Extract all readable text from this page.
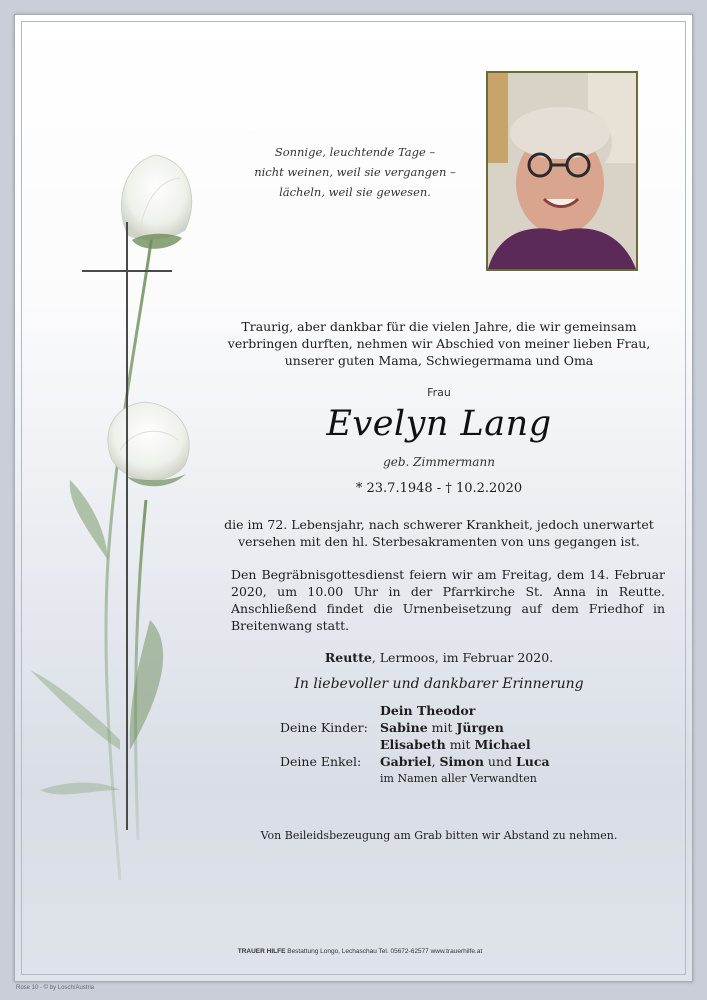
Sonnige, leuchtende Tage –
nicht weinen, weil sie vergangen –
lächeln, weil sie gewesen.
Traurig, aber dankbar für die vielen Jahre, die wir gemeinsam verbringen durften, nehmen wir Abschied von meiner lieben Frau, unserer guten Mama, Schwiegermama und Oma
Frau
Evelyn Lang
geb. Zimmermann
* 23.7.1948 - † 10.2.2020
die im 72. Lebensjahr, nach schwerer Krankheit, jedoch unerwartet versehen mit den hl. Sterbesakramenten von uns gegangen ist.
Den Begräbnisgottesdienst feiern wir am Freitag, dem 14. Februar 2020, um 10.00 Uhr in der Pfarrkirche St. Anna in Reutte. Anschließend findet die Urnenbeisetzung auf dem Friedhof in Breitenwang statt.
Reutte, Lermoos, im Februar 2020.
In liebevoller und dankbarer Erinnerung
	Dein Theodor
Deine Kinder:	Sabine mit Jürgen
	Elisabeth mit Michael
Deine Enkel:	Gabriel, Simon und Luca
	im Namen aller Verwandten
Von Beileidsbezeugung am Grab bitten wir Abstand zu nehmen.
TRAUER HILFE Bestattung Longo, Lechaschau Tel. 05672-62577 www.trauerhilfe.at
Rose 10 - © by Losch/Austria
